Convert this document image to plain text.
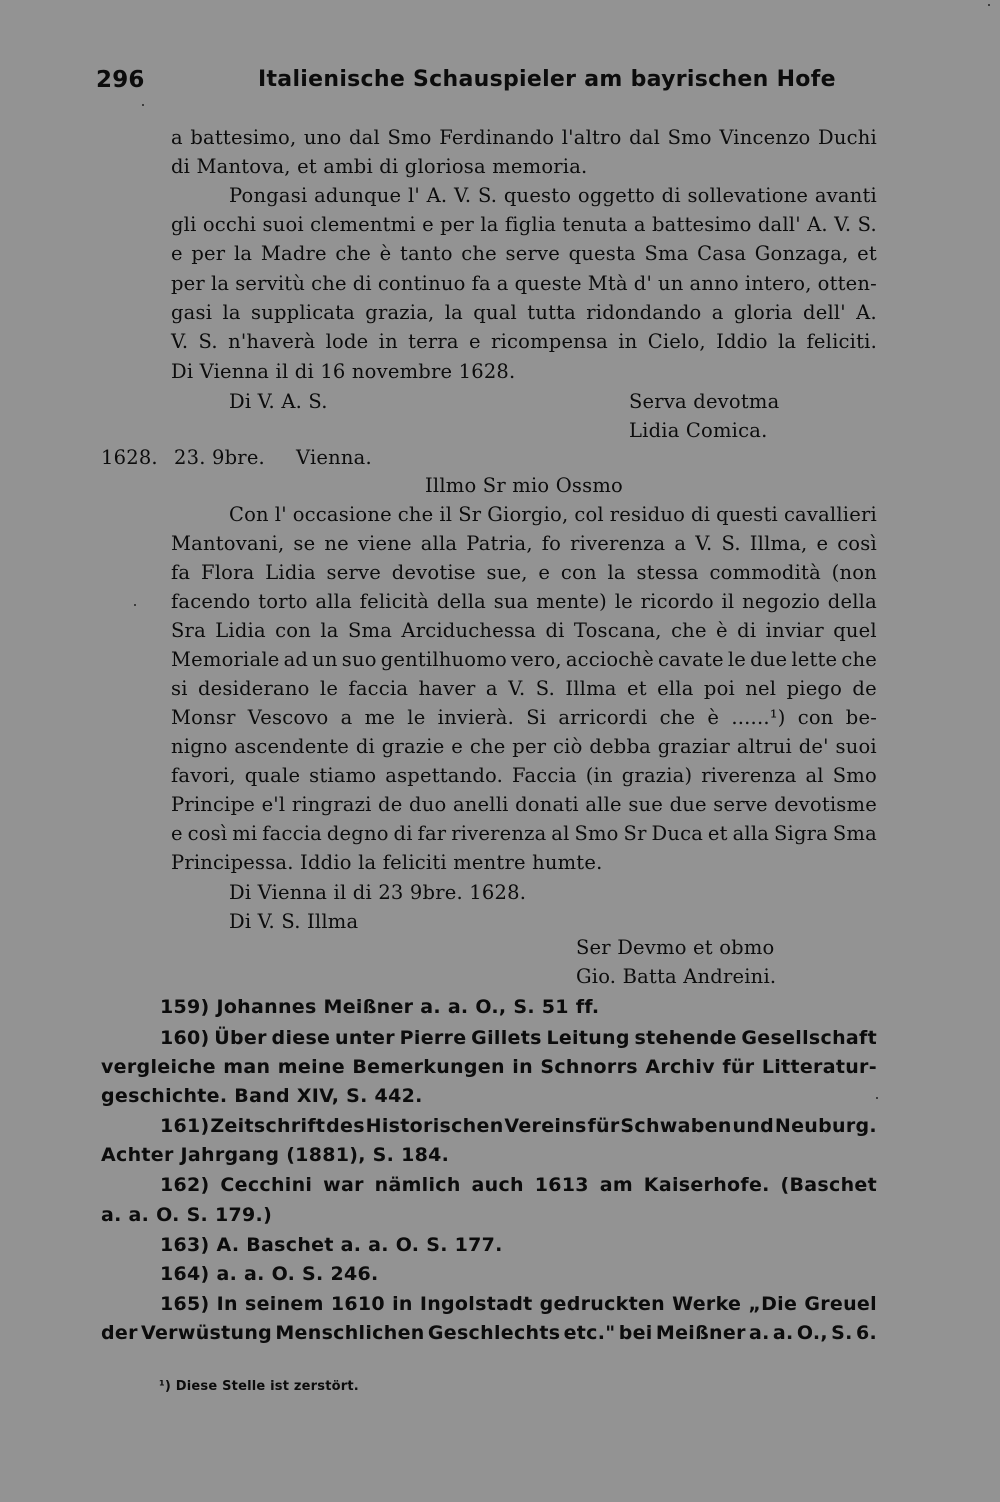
296	Italienische Schauspieler am bayrischen Hofe
a battesimo, uno dal Smo Ferdinando l'altro dal Smo Vincenzo Duchi
di Mantova, et ambi di gloriosa memoria.
Pongasi adunque l' A. V. S. questo oggetto di sollevatione avanti
gli occhi suoi clementmi e per la figlia tenuta a battesimo dall' A. V. S.
e per la Madre che è tanto che serve questa Sma Casa Gonzaga, et
per la servitù che di continuo fa a queste Mtà d' un anno intero, otten-
gasi la supplicata grazia, la qual tutta ridondando a gloria dell' A.
V. S. n'haverà lode in terra e ricompensa in Cielo, Iddio la feliciti.
Di Vienna il di 16 novembre 1628.
Di V. A. S.	Serva devotma
Lidia Comica.
1628. 23. 9bre. Vienna.
Illmo Sr mio Ossmo
Con l' occasione che il Sr Giorgio, col residuo di questi cavallieri
Mantovani, se ne viene alla Patria, fo riverenza a V. S. Illma, e così
fa Flora Lidia serve devotise sue, e con la stessa commodità (non
facendo torto alla felicità della sua mente) le ricordo il negozio della
Sra Lidia con la Sma Arciduchessa di Toscana, che è di inviar quel
Memoriale ad un suo gentilhuomo vero, acciochè cavate le due lette che
si desiderano le faccia haver a V. S. Illma et ella poi nel piego de
Monsr Vescovo a me le invierà. Si arricordi che è ......¹) con be-
nigno ascendente di grazie e che per ciò debba graziar altrui de' suoi
favori, quale stiamo aspettando. Faccia (in grazia) riverenza al Smo
Principe e'l ringrazi de duo anelli donati alle sue due serve devotisme
e così mi faccia degno di far riverenza al Smo Sr Duca et alla Sigra Sma
Principessa. Iddio la feliciti mentre humte.
Di Vienna il di 23 9bre. 1628.
Di V. S. Illma
Ser Devmo et obmo
Gio. Batta Andreini.
159) Johannes Meißner a. a. O., S. 51 ff.
160) Über diese unter Pierre Gillets Leitung stehende Gesellschaft
vergleiche man meine Bemerkungen in Schnorrs Archiv für Litteratur-
geschichte. Band XIV, S. 442.
161) Zeitschrift des Historischen Vereins für Schwaben und Neuburg.
Achter Jahrgang (1881), S. 184.
162) Cecchini war nämlich auch 1613 am Kaiserhofe. (Baschet
a. a. O. S. 179.)
163) A. Baschet a. a. O. S. 177.
164) a. a. O. S. 246.
165) In seinem 1610 in Ingolstadt gedruckten Werke „Die Greuel
der Verwüstung Menschlichen Geschlechts etc." bei Meißner a. a. O., S. 6.
¹) Diese Stelle ist zerstört.
